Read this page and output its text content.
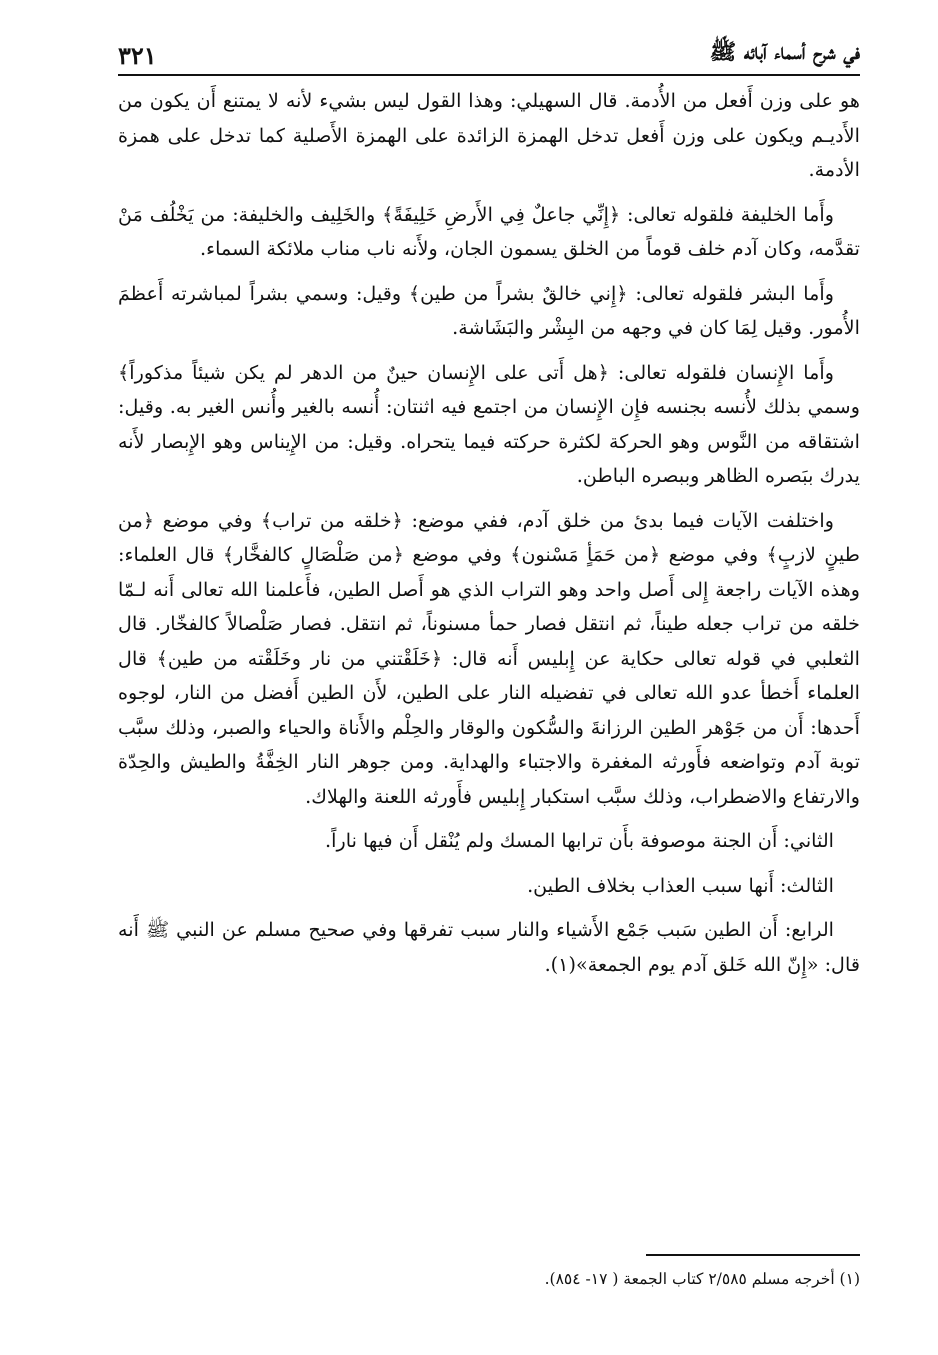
في شرح أسماء آبائه ﷺ
٣٢١

هو على وزن أَفعل من الأُدمة. قال السهيلي: وهذا القول ليس بشيء لأنه لا يمتنع أَن يكون من الأَديـم ويكون على وزن أَفعل تدخل الهمزة الزائدة على الهمزة الأَصلية كما تدخل على همزة الأدمة.

وأَما الخليفة فلقوله تعالى: ﴿إِنِّي جاعلٌ فِي الأَرضِ خَلِيفَةً﴾ والخَلِيف والخليفة: من يَخْلُف مَنْ تقدَّمه، وكان آدم خلف قوماً من الخلق يسمون الجان، ولأَنه ناب مناب ملائكة السماء.

وأَما البشر فلقوله تعالى: ﴿إِني خالقٌ بشراً من طين﴾ وقيل: وسمي بشراً لمباشرته أَعظمَ الأُمور. وقيل لِمَا كان في وجهه من البِشْر والبَشَاشة.

وأَما الإِنسان فلقوله تعالى: ﴿هل أَتى على الإِنسان حينٌ من الدهر لم يكن شيئاً مذكوراً﴾ وسمي بذلك لأُنسه بجنسه فإِن الإِنسان من اجتمع فيه اثنتان: أُنسه بالغير وأُنس الغير به. وقيل: اشتقاقه من النَّوس وهو الحركة لكثرة حركته فيما يتحراه. وقيل: من الإِيناس وهو الإِبصار لأَنه يدرك ببَصره الظاهر وببصره الباطن.

واختلفت الآيات فيما بدئ من خلق آدم، ففي موضع: ﴿خلقه من تراب﴾ وفي موضع ﴿من طينٍ لازبٍ﴾ وفي موضع ﴿من حَمَأٍ مَسْنون﴾ وفي موضع ﴿من صَلْصَالٍ كالفخَّار﴾ قال العلماء: وهذه الآيات راجعة إِلى أَصل واحد وهو التراب الذي هو أَصل الطين، فأَعلمنا الله تعالى أَنه لـمّا خلقه من تراب جعله طيناً، ثم انتقل فصار حمأ مسنوناً، ثم انتقل. فصار صَلْصالاً كالفخّار. قال الثعلبي في قوله تعالى حكاية عن إِبليس أَنه قال: ﴿خَلَقْتني من نار وخَلَقْته من طين﴾ قال العلماء أَخطأ عدو الله تعالى في تفضيله النار على الطين، لأَن الطين أَفضل من النار، لوجوه أَحدها: أَن من جَوْهر الطين الرزانةَ والسُّكون والوقار والحِلْم والأَناة والحياء والصبر، وذلك سبَّب توبة آدم وتواضعه فأَورثه المغفرة والاجتباء والهداية. ومن جوهر النار الخِفَّةُ والطيش والحِدّة والارتفاع والاضطراب، وذلك سبَّب استكبار إِبليس فأَورثه اللعنة والهلاك.

الثاني: أَن الجنة موصوفة بأَن ترابها المسك ولم يُنْقل أَن فيها ناراً.

الثالث: أَنها سبب العذاب بخلاف الطين.

الرابع: أَن الطين سَبب جَمْع الأَشياء والنار سبب تفرقها وفي صحيح مسلم عن النبي ﷺ أَنه قال: «إِنّ الله خَلق آدم يوم الجمعة»(١).

(١) أخرجه مسلم ٢/٥٨٥ كتاب الجمعة ( ١٧- ٨٥٤).
